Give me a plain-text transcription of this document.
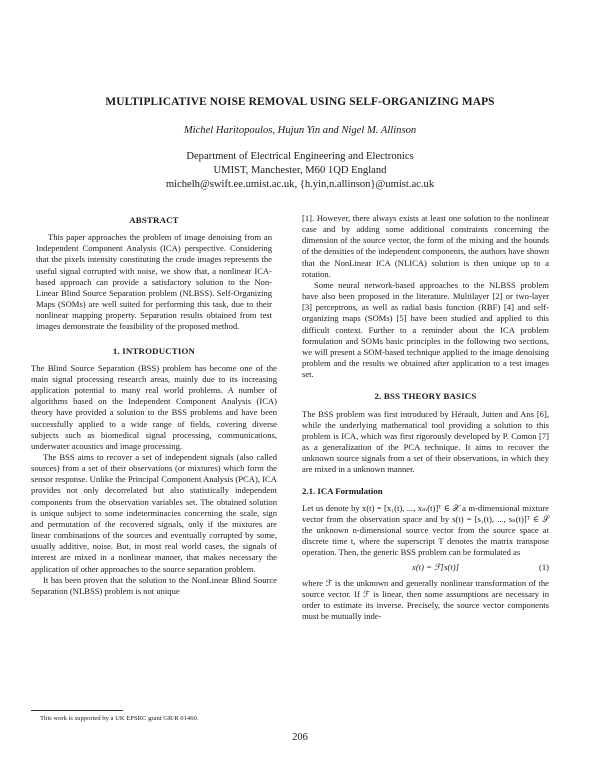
MULTIPLICATIVE NOISE REMOVAL USING SELF-ORGANIZING MAPS
Michel Haritopoulos, Hujun Yin and Nigel M. Allinson
Department of Electrical Engineering and Electronics
UMIST, Manchester, M60 1QD England
michelh@swift.ee.umist.ac.uk, {h.yin,n.allinson}@umist.ac.uk
ABSTRACT

This paper approaches the problem of image denoising from an Independent Component Analysis (ICA) perspective. Considering that the pixels intensity constituting the crude images represents the useful signal corrupted with noise, we show that, a nonlinear ICA-based approach can provide a satisfactory solution to the Non-Linear Blind Source Separation problem (NLBSS). Self-Organizing Maps (SOMs) are well suited for performing this task, due to their nonlinear mapping property. Separation results obtained from test images demonstrate the feasibility of the proposed method.

1. INTRODUCTION

The Blind Source Separation (BSS) problem has become one of the main signal processing research areas, mainly due to its increasing application potential to many real world problems. A number of algorithms based on the Independent Component Analysis (ICA) theory have provided a solution to the BSS problems and have been successfully applied to a wide range of fields, covering diverse subjects such as biomedical signal processing, communications, underwater acoustics and image processing.

The BSS aims to recover a set of independent signals (also called sources) from a set of their observations (or mixtures) which form the sensor response. Unlike the Principal Component Analysis (PCA), ICA provides not only decorrelated but also statistically independent components from the observation variables set. The obtained solution is unique subject to some indeterminacies concerning the scale, sign and permutation of the recovered signals, only if the mixtures are linear combinations of the sources and eventually corrupted by some, usually additive, noise. But, in most real world cases, the signals of interest are mixed in a nonlinear manner, that makes necessary the application of other approaches to the source separation problem.

It has been proven that the solution to the NonLinear Blind Source Separation (NLBSS) problem is not unique

[1]. However, there always exists at least one solution to the nonlinear case and by adding some additional constraints concerning the dimension of the source vector, the form of the mixing and the bounds of the densities of the independent components, the authors have shown that the NonLinear ICA (NLICA) solution is then unique up to a rotation.

Some neural network-based approaches to the NLBSS problem have also been proposed in the literature. Multilayer [2] or two-layer [3] perceptrons, as well as radial basis function (RBF) [4] and self-organizing maps (SOMs) [5] have been studied and applied to this difficult context. Further to a reminder about the ICA problem formulation and SOMs basic principles in the following two sections, we will present a SOM-based technique applied to the image denoising problem and the results we obtained after application to a test images set.

2. BSS THEORY BASICS

The BSS problem was first introduced by Hérault, Jutten and Ans [6], while the underlying mathematical tool providing a solution to this problem is ICA, which was first rigorously developed by P. Comon [7] as a generalization of the PCA technique. It aims to recover the unknown source signals from a set of their observations, in which they are mixed in a unknown manner.

2.1. ICA Formulation

Let us denote by x(t) = [x₁(t), ..., xₘ(t)]ᵀ ∈ 𝒳 a m-dimensional mixture vector from the observation space and by s(t) = [s₁(t), ..., sₙ(t)]ᵀ ∈ 𝒮 the unknown n-dimensional source vector from the source space at discrete time t, where the superscript T denotes the matrix transpose operation. Then, the generic BSS problem can be formulated as

x(t) = ℱ[s(t)]	(1)

where ℱ is the unknown and generally nonlinear transformation of the source vector. If ℱ is linear, then some assumptions are necessary in order to estimate its inverse. Precisely, the source vector components must be mutually inde-

This work is supported by a UK EPSRC grant GR/R 01460.
206
